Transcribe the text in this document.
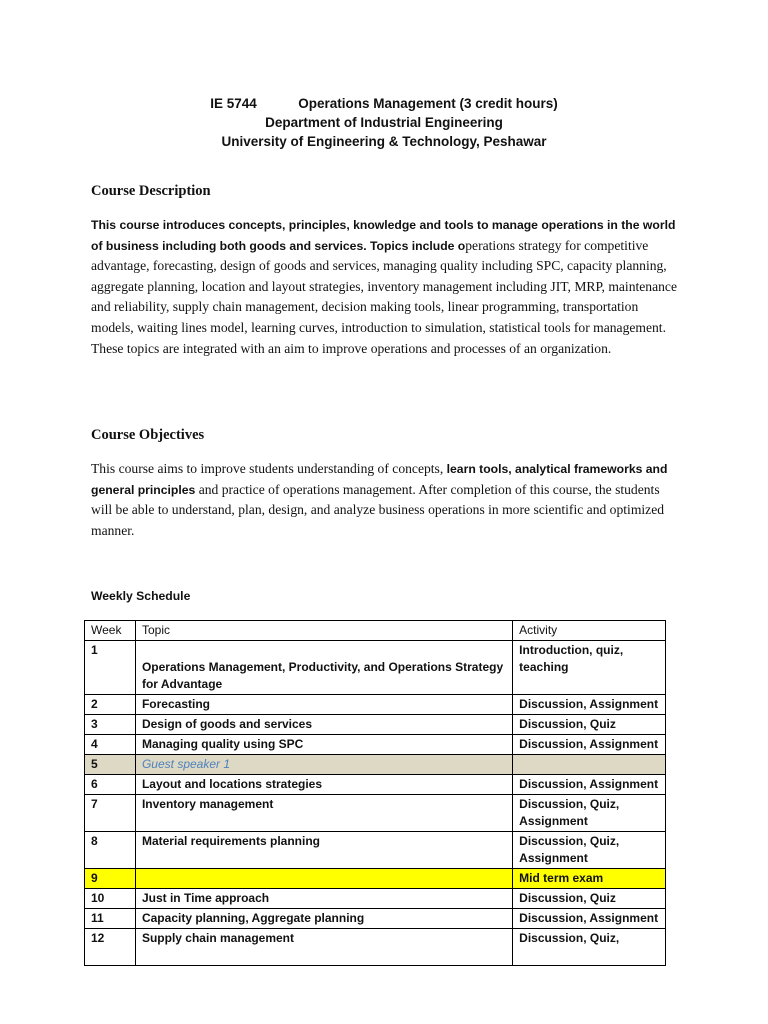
IE 5744	Operations Management (3 credit hours)
Department of Industrial Engineering
University of Engineering & Technology, Peshawar
Course Description
This course introduces concepts, principles, knowledge and tools to manage operations in the world of business including both goods and services. Topics include operations strategy for competitive advantage, forecasting, design of goods and services, managing quality including SPC, capacity planning, aggregate planning, location and layout strategies, inventory management including JIT, MRP, maintenance and reliability, supply chain management, decision making tools, linear programming, transportation models, waiting lines model, learning curves, introduction to simulation, statistical tools for management. These topics are integrated with an aim to improve operations and processes of an organization.
Course Objectives
This course aims to improve students understanding of concepts, learn tools, analytical frameworks and general principles and practice of operations management. After completion of this course, the students will be able to understand, plan, design, and analyze business operations in more scientific and optimized manner.
Weekly Schedule
Week	Topic	Activity
1	Operations Management, Productivity, and Operations Strategy for Advantage	Introduction, quiz, teaching
2	Forecasting	Discussion, Assignment
3	Design of goods and services	Discussion, Quiz
4	Managing quality using SPC	Discussion, Assignment
5	Guest speaker 1	
6	Layout and locations strategies	Discussion, Assignment
7	Inventory management	Discussion, Quiz, Assignment
8	Material requirements planning	Discussion, Quiz, Assignment
9		Mid term exam
10	Just in Time approach	Discussion, Quiz
11	Capacity planning, Aggregate planning	Discussion, Assignment
12	Supply chain management	Discussion, Quiz,
